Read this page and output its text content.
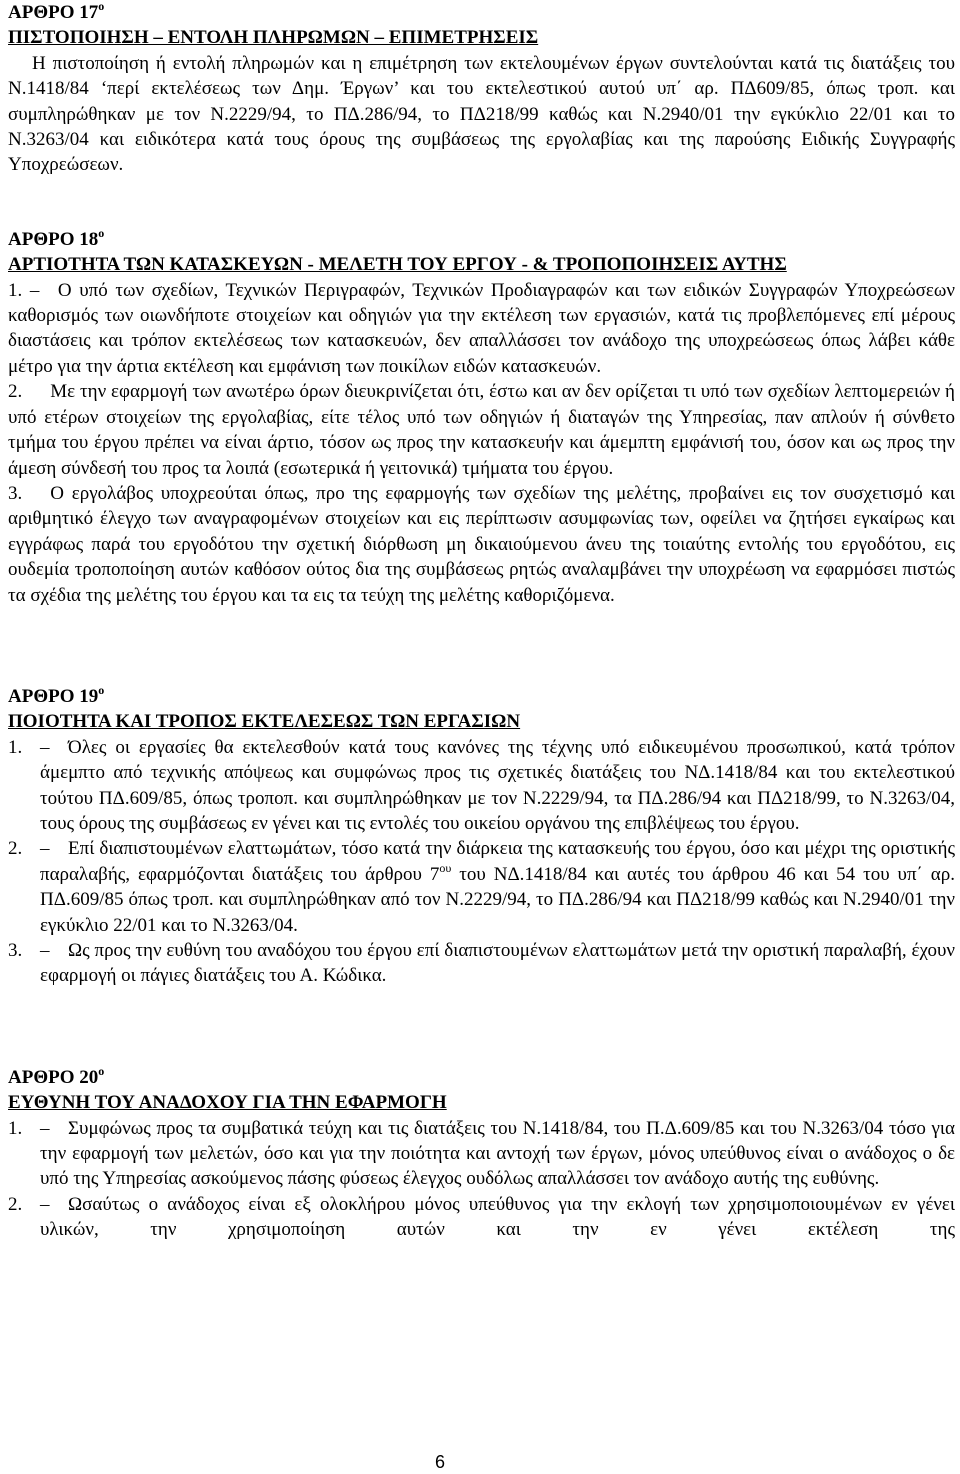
ΑΡΘΡΟ $17^o$

ΠΙΣΤΟΠΟΙΗΣΗ – ΕΝΤΟΛΗ ΠΛΗΡΩΜΩΝ – ΕΠΙΜΕΤΡΗΣΕΙΣ

Η πιστοποίηση ή εντολή πληρωμών και η επιμέτρηση των εκτελουμένων έργων συντελούνται κατά τις διατάξεις του Ν.1418/84 ‘περί εκτελέσεως των Δημ. Έργων’ και του εκτελεστικού αυτού υπ΄ αρ. ΠΔ609/85, όπως τροπ. και συμπληρώθηκαν με τον Ν.2229/94, το ΠΔ.286/94, το ΠΔ218/99 καθώς και Ν.2940/01 την εγκύκλιο 22/01 και το Ν.3263/04 και ειδικότερα κατά τους όρους της συμβάσεως της εργολαβίας και της παρούσης Ειδικής Συγγραφής Υποχρεώσεων.

ΑΡΘΡΟ $18^o$

ΑΡΤΙΟΤΗΤΑ ΤΩΝ ΚΑΤΑΣΚΕΥΩΝ - ΜΕΛΕΤΗ ΤΟΥ ΕΡΓΟΥ - & ΤΡΟΠΟΠΟΙΗΣΕΙΣ ΑΥΤΗΣ

1. – Ο υπό των σχεδίων, Τεχνικών Περιγραφών, Τεχνικών Προδιαγραφών και των ειδικών Συγγραφών Υποχρεώσεων καθορισμός των οιωνδήποτε στοιχείων και οδηγιών για την εκτέλεση των εργασιών, κατά τις προβλεπόμενες επί μέρους διαστάσεις και τρόπον εκτελέσεως των κατασκευών, δεν απαλλάσσει τον ανάδοχο της υποχρεώσεως όπως λάβει κάθε μέτρο για την άρτια εκτέλεση και εμφάνιση των ποικίλων ειδών κατασκευών.

2. Με την εφαρμογή των ανωτέρω όρων διευκρινίζεται ότι, έστω και αν δεν ορίζεται τι υπό των σχεδίων λεπτομερειών ή υπό ετέρων στοιχείων της εργολαβίας, είτε τέλος υπό των οδηγιών ή διαταγών της Υπηρεσίας, παν απλούν ή σύνθετο τμήμα του έργου πρέπει να είναι άρτιο, τόσον ως προς την κατασκευήν και άμεμπτη εμφάνισή του, όσον και ως προς την άμεση σύνδεσή του προς τα λοιπά (εσωτερικά ή γειτονικά) τμήματα του έργου.

3. Ο εργολάβος υποχρεούται όπως, προ της εφαρμογής των σχεδίων της μελέτης, προβαίνει εις τον συσχετισμό και αριθμητικό έλεγχο των αναγραφομένων στοιχείων και εις περίπτωσιν ασυμφωνίας των, οφείλει να ζητήσει εγκαίρως και εγγράφως παρά του εργοδότου την σχετική διόρθωση μη δικαιούμενου άνευ της τοιαύτης εντολής του εργοδότου, εις ουδεμία τροποποίηση αυτών καθόσον ούτος δια της συμβάσεως ρητώς αναλαμβάνει την υποχρέωση να εφαρμόσει πιστώς τα σχέδια της μελέτης του έργου και τα εις τα τεύχη της μελέτης καθοριζόμενα.

ΑΡΘΡΟ $19^o$

ΠΟΙΟΤΗΤΑ ΚΑΙ ΤΡΟΠΟΣ ΕΚΤΕΛΕΣΕΩΣ ΤΩΝ ΕΡΓΑΣΙΩΝ

1. – Όλες οι εργασίες θα εκτελεσθούν κατά τους κανόνες της τέχνης υπό ειδικευμένου προσωπικού, κατά τρόπον άμεμπτο από τεχνικής απόψεως και συμφώνως προς τις σχετικές διατάξεις του ΝΔ.1418/84 και του εκτελεστικού τούτου ΠΔ.609/85, όπως τροποπ. και συμπληρώθηκαν με τον Ν.2229/94, τα ΠΔ.286/94 και ΠΔ218/99, το Ν.3263/04, τους όρους της συμβάσεως εν γένει και τις εντολές του οικείου οργάνου της επιβλέψεως του έργου.
2. – Επί διαπιστουμένων ελαττωμάτων, τόσο κατά την διάρκεια της κατασκευής του έργου, όσο και μέχρι της οριστικής παραλαβής, εφαρμόζονται διατάξεις του άρθρου $7^{o\upsilon}$ του ΝΔ.1418/84 και αυτές του άρθρου 46 και 54 του υπ΄ αρ. ΠΔ.609/85 όπως τροπ. και συμπληρώθηκαν από τον Ν.2229/94, το ΠΔ.286/94 και ΠΔ218/99 καθώς και Ν.2940/01 την εγκύκλιο 22/01 και το Ν.3263/04.
3. – Ως προς την ευθύνη του αναδόχου του έργου επί διαπιστουμένων ελαττωμάτων μετά την οριστική παραλαβή, έχουν εφαρμογή οι πάγιες διατάξεις του Α. Κώδικα.

ΑΡΘΡΟ $20^o$

ΕΥΘΥΝΗ ΤΟΥ ΑΝΑΔΟΧΟΥ ΓΙΑ ΤΗΝ ΕΦΑΡΜΟΓΗ

1. – Συμφώνως προς τα συμβατικά τεύχη και τις διατάξεις του Ν.1418/84, του Π.Δ.609/85 και του Ν.3263/04 τόσο για την εφαρμογή των μελετών, όσο και για την ποιότητα και αντοχή των έργων, μόνος υπεύθυνος είναι ο ανάδοχος ο δε υπό της Υπηρεσίας ασκούμενος πάσης φύσεως έλεγχος ουδόλως απαλλάσσει τον ανάδοχο αυτής της ευθύνης.
2. – Ωσαύτως ο ανάδοχος είναι εξ ολοκλήρου μόνος υπεύθυνος για την εκλογή των χρησιμοποιουμένων εν γένει υλικών, την χρησιμοποίηση αυτών και την εν γένει εκτέλεση της
6
